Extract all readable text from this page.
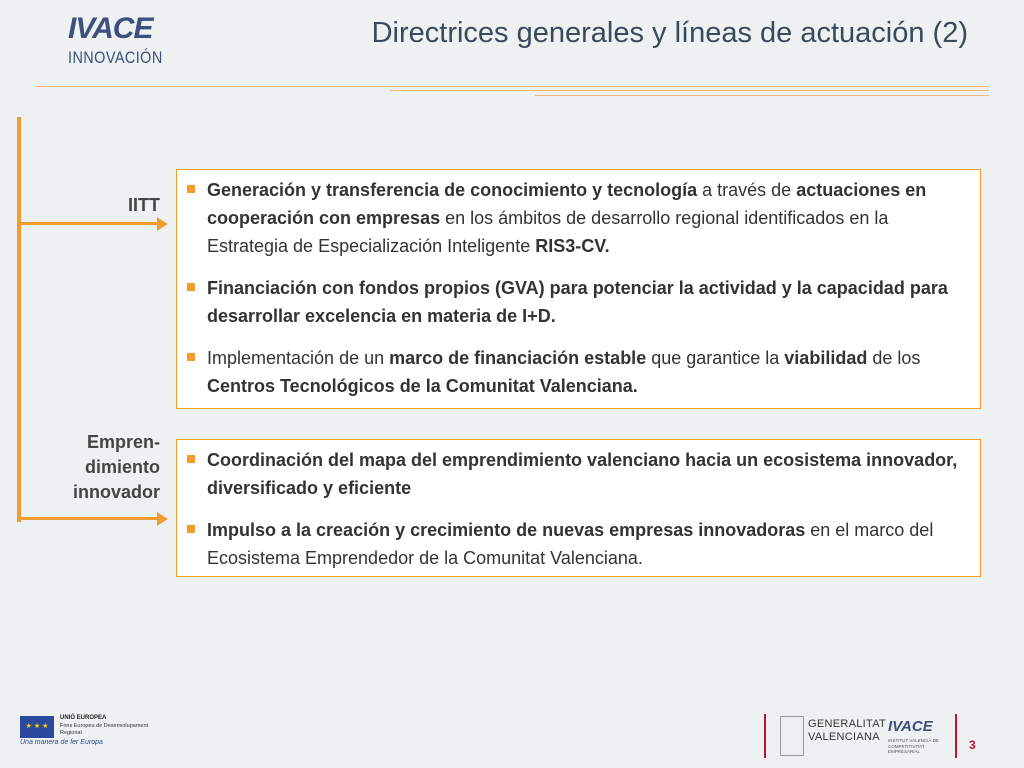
IVACE
INNOVACIÓN
Directrices generales y líneas de actuación (2)
IITT
Empren-
dimiento
innovador
Generación y transferencia de conocimiento y tecnología a través de actuaciones en cooperación con empresas en los ámbitos de desarrollo regional identificados en la Estrategia de Especialización Inteligente RIS3-CV.
Financiación con fondos propios (GVA) para potenciar la actividad y la capacidad para desarrollar excelencia en materia de I+D.
Implementación de un marco de financiación estable que garantice la viabilidad de los Centros Tecnológicos de la Comunitat Valenciana.
Coordinación del mapa del emprendimiento valenciano hacia un ecosistema innovador, diversificado y eficiente
Impulso a la creación y crecimiento de nuevas empresas innovadoras en el marco del Ecosistema Emprendedor de la Comunitat Valenciana.
★ ★ ★
UNIÓ EUROPEA
Fons Europeu de Desenvolupament Regional
Una manera de fer Europa
GENERALITAT VALENCIANA
IVACE
INSTITUT VALENCIÀ DE COMPETITIVITAT EMPRESARIAL	3
